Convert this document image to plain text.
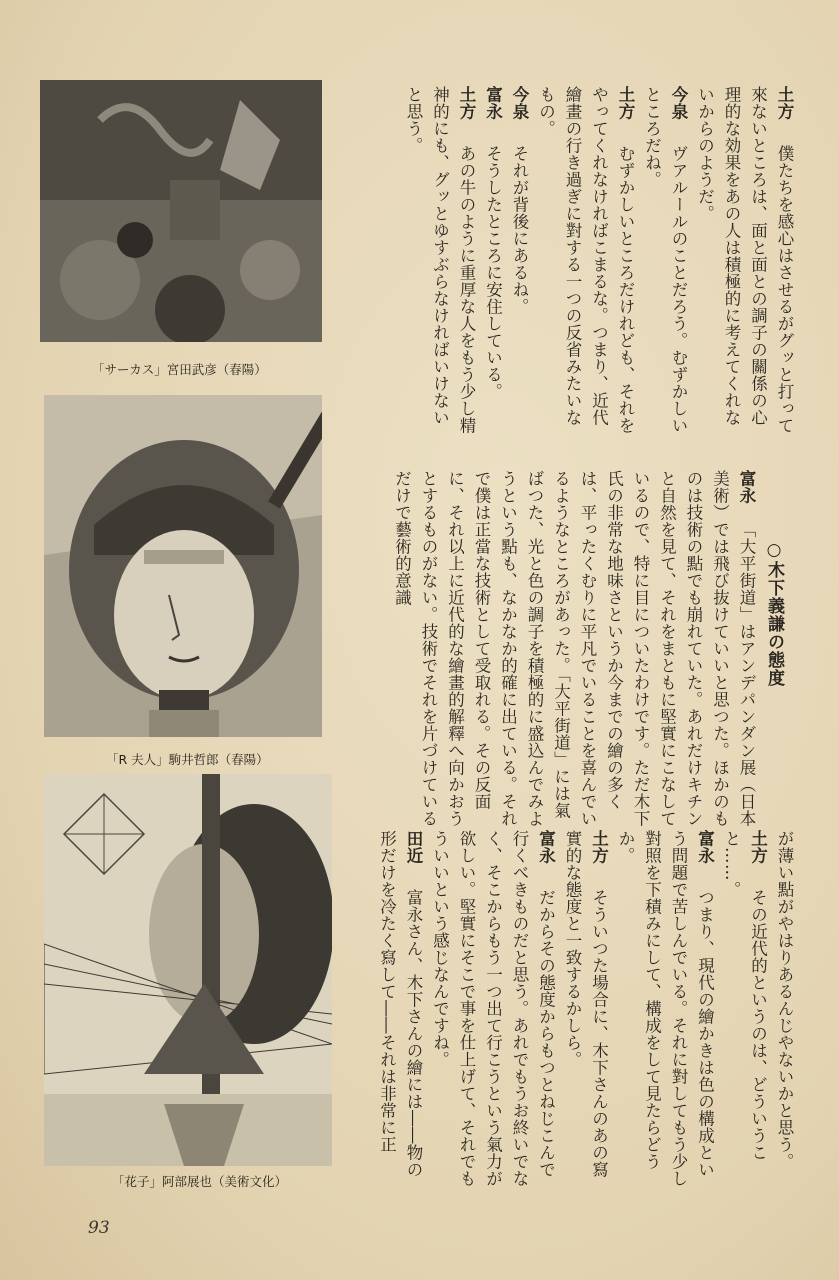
「サーカス」宮田武彦（春陽）
「R 夫人」駒井哲郎（春陽）
「花子」阿部展也（美術文化）
土方　僕たちを感心はさせるがグッと打って來ないところは、面と面との調子の關係の心理的な効果をあの人は積極的に考えてくれないからのようだ。
今泉　ヴアルールのことだろう。むずかしいところだね。
土方　むずかしいところだけれども、それをやってくれなければこまるな。つまり、近代繪畫の行き過ぎに對する一つの反省みたいなもの。
今泉　それが背後にあるね。
富永　そうしたところに安住している。
土方　あの牛のように重厚な人をもう少し精神的にも、グッとゆすぶらなければいけないと思う。
○木下義謙の態度
富永　「大平街道」はアンデパンダン展（日本美術）では飛び抜けていいと思つた。ほかのものは技術の點でも崩れていた。あれだけキチンと自然を見て、それをまともに堅實にこなしているので、特に目についたわけです。ただ木下氏の非常な地味さというか今までの繪の多くは、平ったくむりに平凡でいることを喜んでいるようなところがあった。「大平街道」には氣ばつた、光と色の調子を積極的に盛込んでみようという點も、なかなか的確に出ている。それで僕は正當な技術として受取れる。その反面に、それ以上に近代的な繪畫的解釋へ向かおうとするものがない。技術でそれを片づけているだけで藝術的意識
が薄い點がやはりあるんじやないかと思う。
土方　その近代的というのは、どういうこと……。
富永　つまり、現代の繪かきは色の構成という問題で苦しんでいる。それに對してもう少し對照を下積みにして、構成をして見たらどうか。
土方　そういつた場合に、木下さんのあの寫實的な態度と一致するかしら。
富永　だからその態度からもつとねじこんで行くべきものだと思う。あれでもうお終いでなく、そこからもう一つ出て行こうという氣力が欲しい。堅實にそこで事を仕上げて、それでもういいという感じなんですね。
田近　富永さん、木下さんの繪には――物の形だけを冷たく寫して――それは非常に正
93
